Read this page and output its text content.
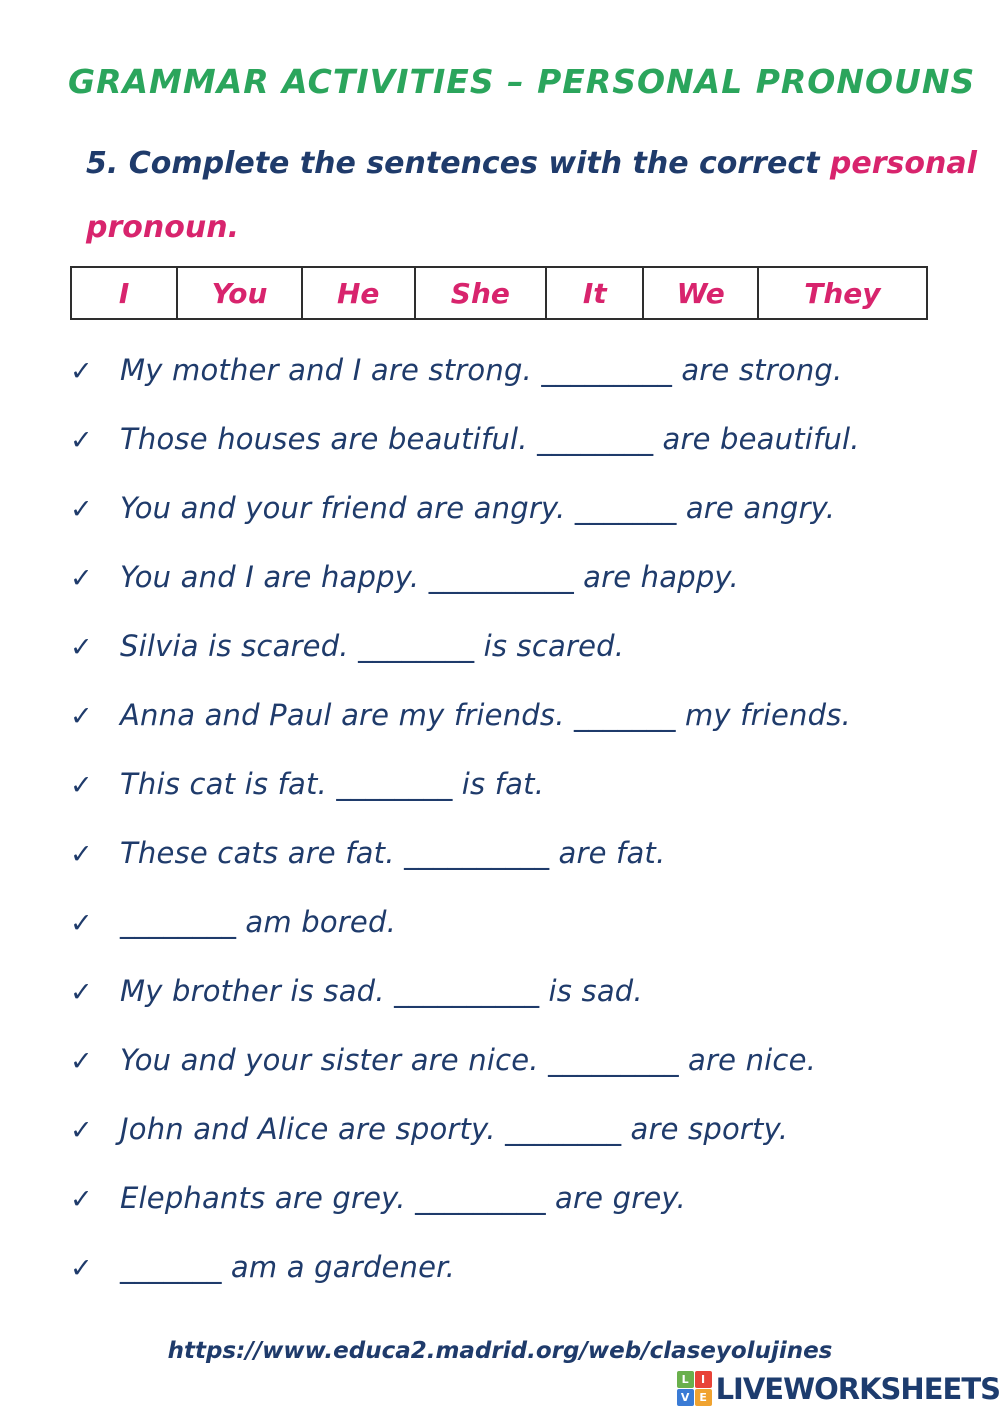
GRAMMAR ACTIVITIES – PERSONAL PRONOUNS
5. Complete the sentences with the correct personal
pronoun.
I	You	He	She	It	We	They
✓ My mother and I are strong. _________ are strong.
✓ Those houses are beautiful. ________ are beautiful.
✓ You and your friend are angry. _______ are angry.
✓ You and I are happy. __________ are happy.
✓ Silvia is scared. ________ is scared.
✓ Anna and Paul are my friends. _______ my friends.
✓ This cat is fat. ________ is fat.
✓ These cats are fat. __________ are fat.
✓ ________ am bored.
✓ My brother is sad. __________ is sad.
✓ You and your sister are nice. _________ are nice.
✓ John and Alice are sporty. ________ are sporty.
✓ Elephants are grey. _________ are grey.
✓ _______ am a gardener.
https://www.educa2.madrid.org/web/claseyolujines
L	I
V E LIVEWORKSHEETS
